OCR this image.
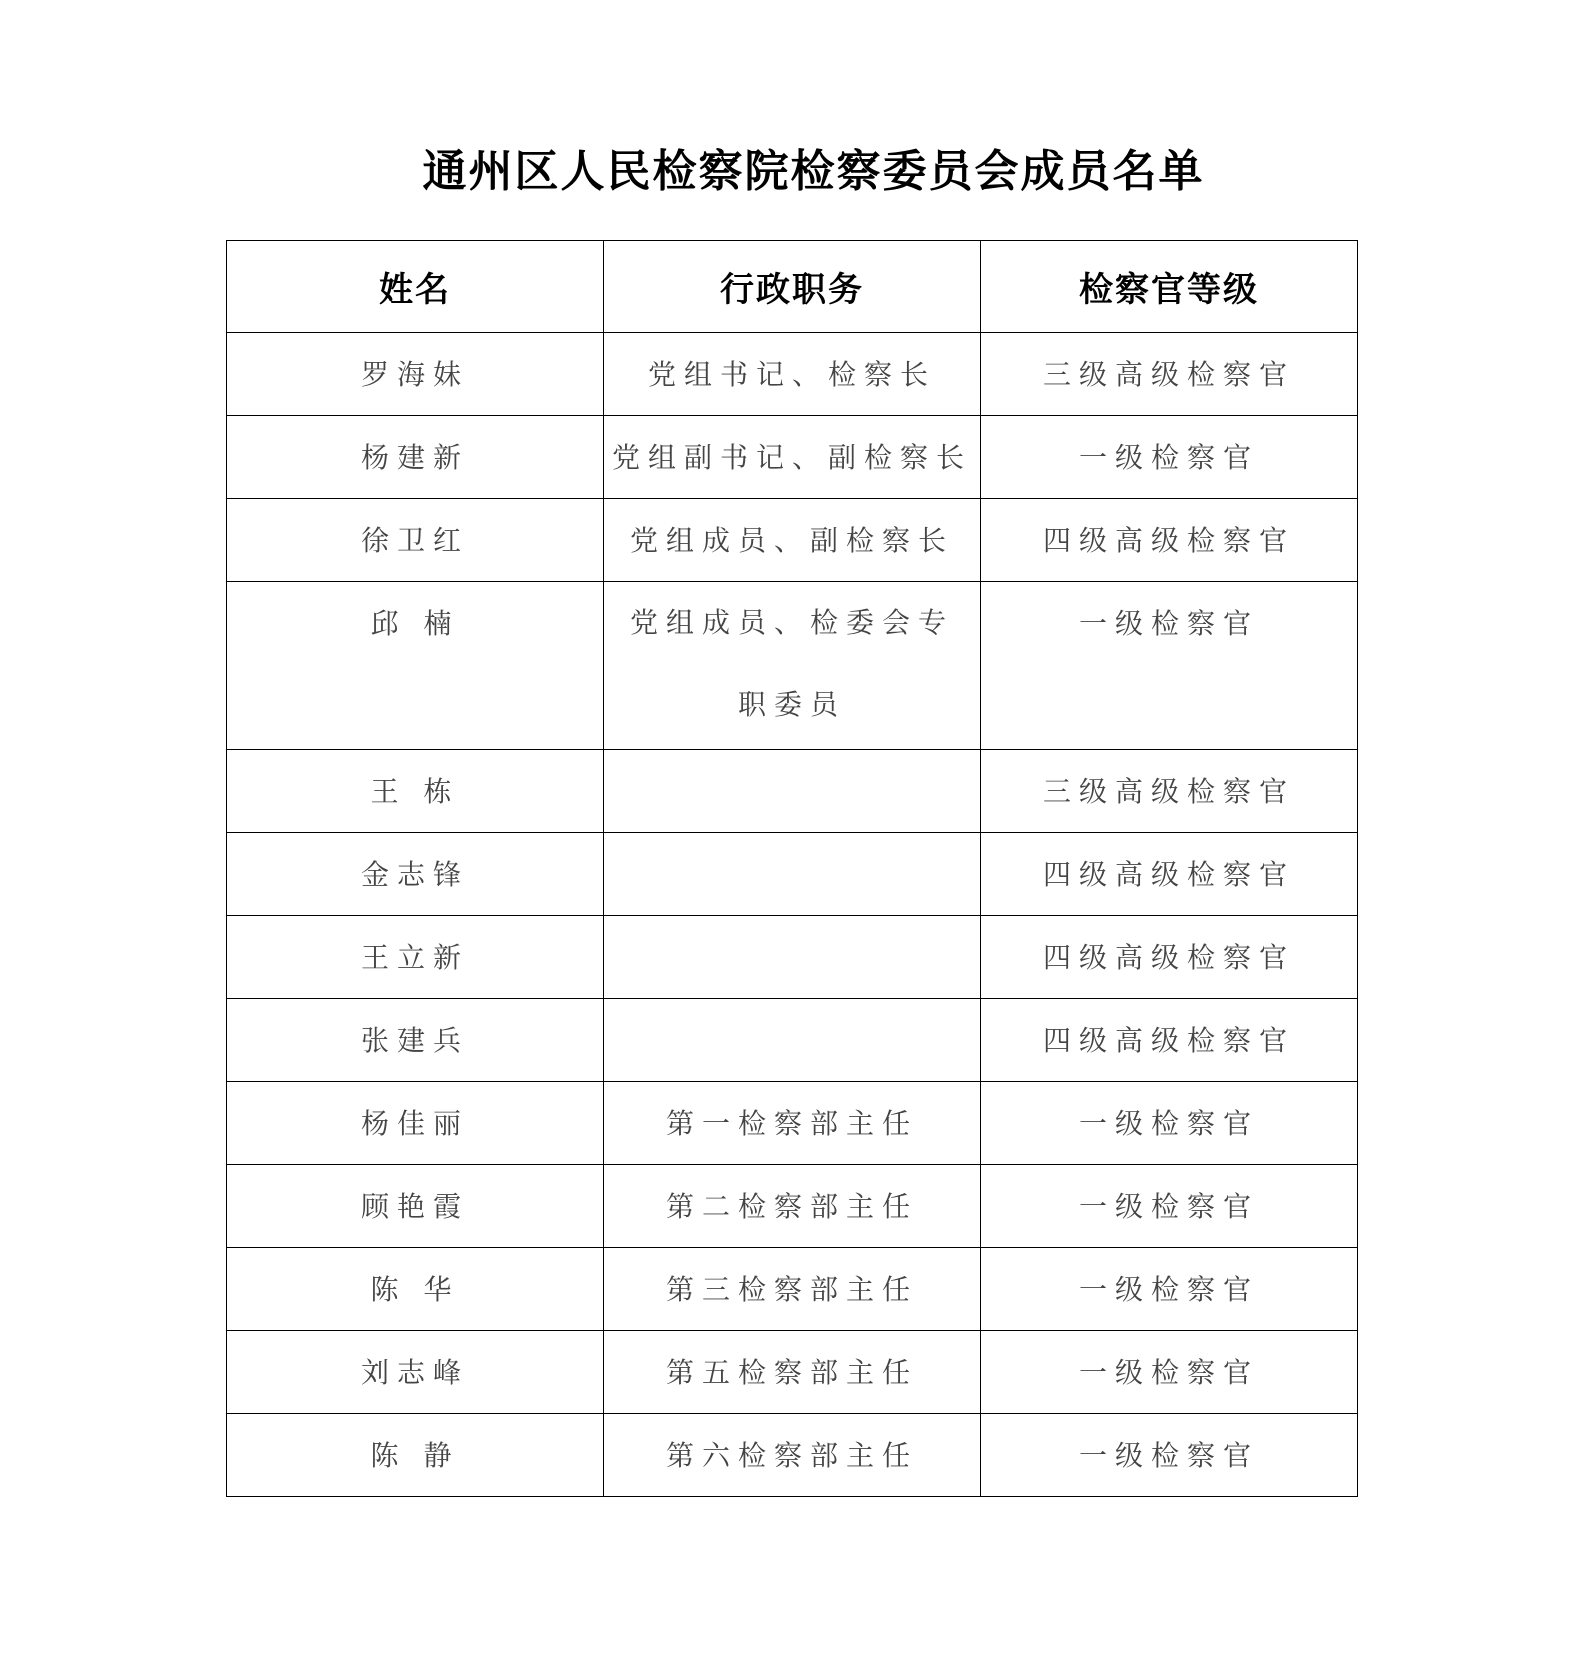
通州区人民检察院检察委员会成员名单
姓名	行政职务	检察官等级
罗海妹	党组书记、检察长	三级高级检察官
杨建新	党组副书记、副检察长	一级检察官
徐卫红	党组成员、副检察长	四级高级检察官
邱 楠	党组成员、检委会专职委员	一级检察官
王 栋		三级高级检察官
金志锋		四级高级检察官
王立新		四级高级检察官
张建兵		四级高级检察官
杨佳丽	第一检察部主任	一级检察官
顾艳霞	第二检察部主任	一级检察官
陈 华	第三检察部主任	一级检察官
刘志峰	第五检察部主任	一级检察官
陈 静	第六检察部主任	一级检察官
